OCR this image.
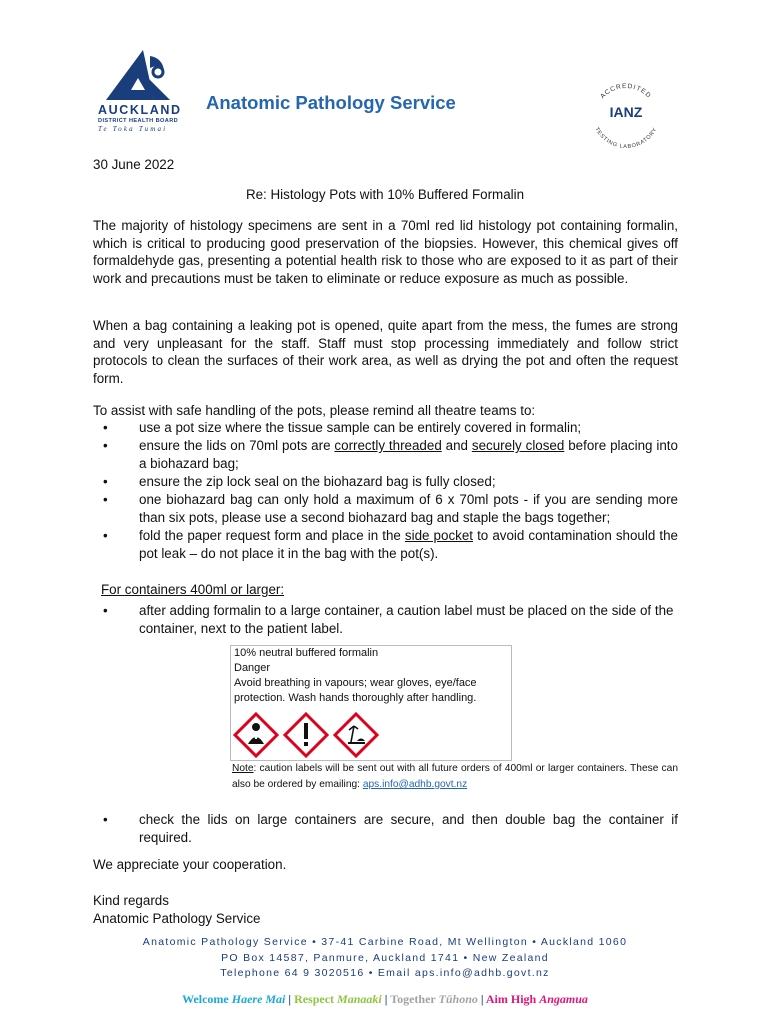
AUCKLAND
DISTRICT HEALTH BOARD
Te Toka Tumai
Anatomic Pathology Service	ACCREDITED
TESTING LABORATORY
IANZ
30 June 2022
Re: Histology Pots with 10% Buffered Formalin

The majority of histology specimens are sent in a 70ml red lid histology pot containing formalin, which is critical to producing good preservation of the biopsies. However, this chemical gives off formaldehyde gas, presenting a potential health risk to those who are exposed to it as part of their work and precautions must be taken to eliminate or reduce exposure as much as possible.

When a bag containing a leaking pot is opened, quite apart from the mess, the fumes are strong and very unpleasant for the staff. Staff must stop processing immediately and follow strict protocols to clean the surfaces of their work area, as well as drying the pot and often the request form.

To assist with safe handling of the pots, please remind all theatre teams to:

• use a pot size where the tissue sample can be entirely covered in formalin;
• ensure the lids on 70ml pots are correctly threaded and securely closed before placing into a biohazard bag;
• ensure the zip lock seal on the biohazard bag is fully closed;
• one biohazard bag can only hold a maximum of 6 x 70ml pots - if you are sending more than six pots, please use a second biohazard bag and staple the bags together;
• fold the paper request form and place in the side pocket to avoid contamination should the pot leak – do not place it in the bag with the pot(s).
For containers 400ml or larger:
• after adding formalin to a large container, a caution label must be placed on the side of the container, next to the patient label.
10% neutral buffered formalin
Danger
Avoid breathing in vapours; wear gloves, eye/face protection. Wash hands thoroughly after handling.
Note: caution labels will be sent out with all future orders of 400ml or larger containers. These can also be ordered by emailing: aps.info@adhb.govt.nz
• check the lids on large containers are secure, and then double bag the container if required.
We appreciate your cooperation.
Kind regards
Anatomic Pathology Service
Anatomic Pathology Service • 37-41 Carbine Road, Mt Wellington • Auckland 1060
PO Box 14587, Panmure, Auckland 1741 • New Zealand
Telephone 64 9 3020516 • Email aps.info@adhb.govt.nz
Welcome Haere Mai | Respect Manaaki | Together Tūhono | Aim High Angamua
